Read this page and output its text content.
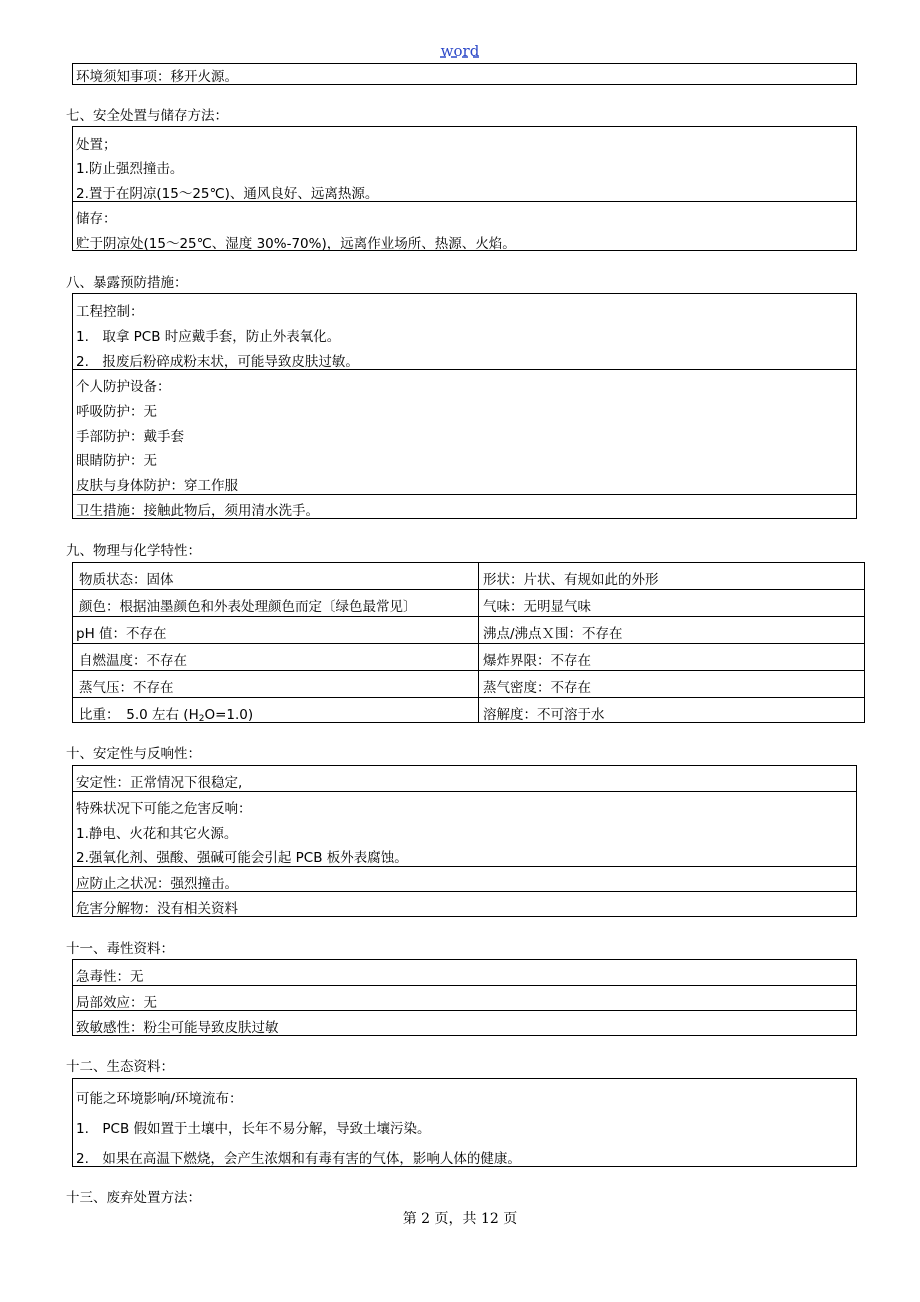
word
环境须知事项：移开火源。
七、安全处置与储存方法：
处置；
1.防止强烈撞击。
2.置于在阴凉(15～25℃)、通风良好、远离热源。
储存：
贮于阴凉处(15～25℃、湿度 30%-70%)，远离作业场所、热源、火焰。
八、暴露预防措施：
工程控制：
1.　取拿 PCB 时应戴手套，防止外表氧化。
2.　报废后粉碎成粉末状，可能导致皮肤过敏。
个人防护设备：
呼吸防护：无
手部防护：戴手套
眼睛防护：无
皮肤与身体防护：穿工作服
卫生措施：接触此物后，须用清水洗手。
九、物理与化学特性：
物质状态：固体	形状：片状、有规如此的外形
颜色：根据油墨颜色和外表处理颜色而定〔绿色最常见〕	气味：无明显气味
pH 值：不存在	沸点/沸点Ｘ围：不存在
自燃温度：不存在	爆炸界限：不存在
蒸气压：不存在	蒸气密度：不存在
比重：　5.0 左右 $(H_2O=1.0)$	溶解度：不可溶于水
十、安定性与反响性：
安定性：正常情况下很稳定,
特殊状况下可能之危害反响：
1.静电、火花和其它火源。
2.强氧化剂、强酸、强碱可能会引起 PCB 板外表腐蚀。
应防止之状况：强烈撞击。
危害分解物：没有相关资料
十一、毒性资料：
急毒性：无
局部效应：无
致敏感性：粉尘可能导致皮肤过敏
十二、生态资料：
可能之环境影响/环境流布：
1.　PCB 假如置于土壤中，长年不易分解，导致土壤污染。
2.　如果在高温下燃烧，会产生浓烟和有毒有害的气体，影响人体的健康。
十三、废弃处置方法：
第 2 页，共 12 页
